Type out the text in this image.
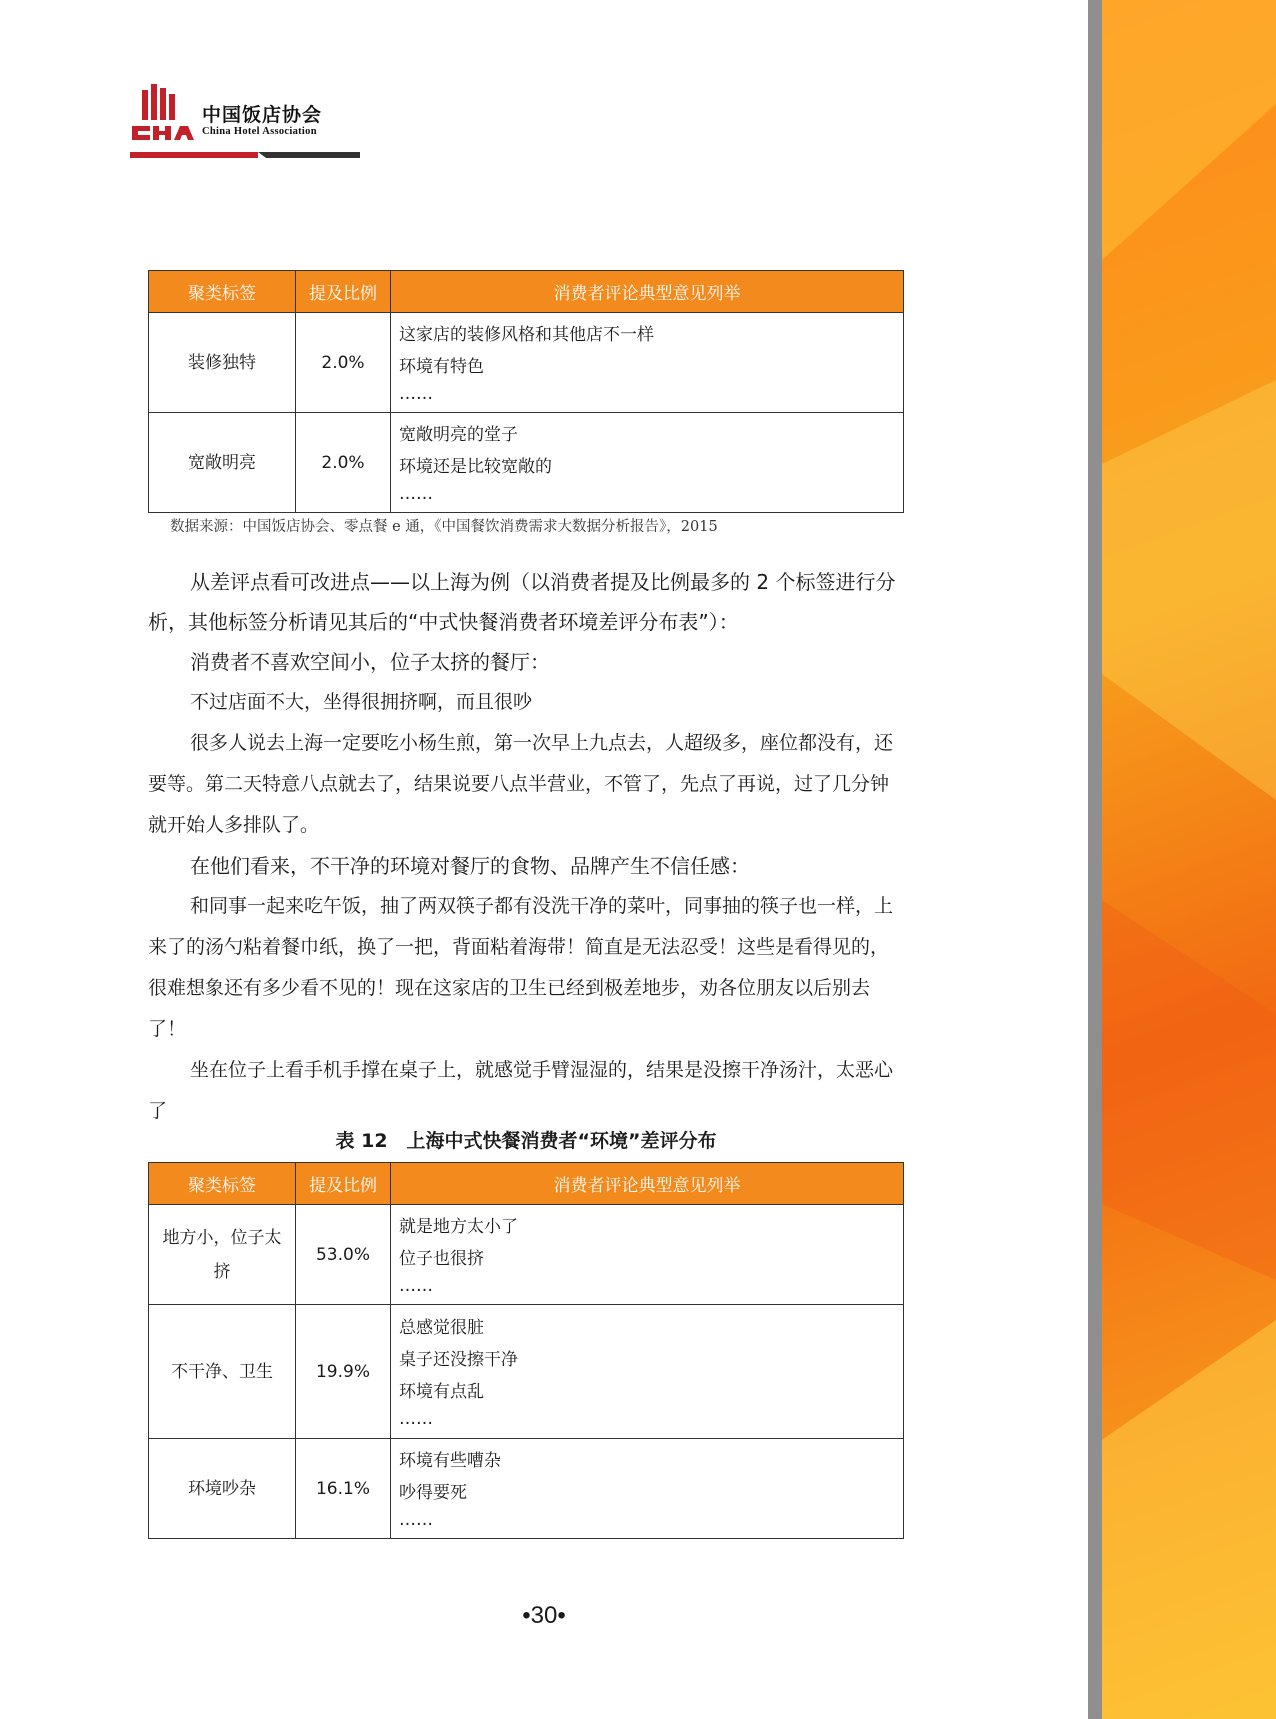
中国饭店协会
China Hotel Association
聚类标签	提及比例	消费者评论典型意见列举
装修独特	2.0%	这家店的装修风格和其他店不一样
环境有特色
……

宽敞明亮	2.0%	宽敞明亮的堂子
环境还是比较宽敞的
……
数据来源：中国饭店协会、零点餐 e 通，《中国餐饮消费需求大数据分析报告》，2015

从差评点看可改进点——以上海为例（以消费者提及比例最多的 2 个标签进行分析，其他标签分析请见其后的“中式快餐消费者环境差评分布表”）：

消费者不喜欢空间小，位子太挤的餐厅：

不过店面不大，坐得很拥挤啊，而且很吵

很多人说去上海一定要吃小杨生煎，第一次早上九点去，人超级多，座位都没有，还要等。第二天特意八点就去了，结果说要八点半营业，不管了，先点了再说，过了几分钟就开始人多排队了。

在他们看来，不干净的环境对餐厅的食物、品牌产生不信任感：

和同事一起来吃午饭，抽了两双筷子都有没洗干净的菜叶，同事抽的筷子也一样，上来了的汤勺粘着餐巾纸，换了一把，背面粘着海带！简直是无法忍受！这些是看得见的，很难想象还有多少看不见的！现在这家店的卫生已经到极差地步，劝各位朋友以后别去了！

坐在位子上看手机手撑在桌子上，就感觉手臂湿湿的，结果是没擦干净汤汁，太恶心了

表 12　上海中式快餐消费者“环境”差评分布
聚类标签	提及比例	消费者评论典型意见列举
地方小，位子太挤	53.0%	就是地方太小了
位子也很挤
……

不干净、卫生	19.9%	总感觉很脏
桌子还没擦干净
环境有点乱
……

环境吵杂	16.1%	环境有些嘈杂
吵得要死
……
•30•
